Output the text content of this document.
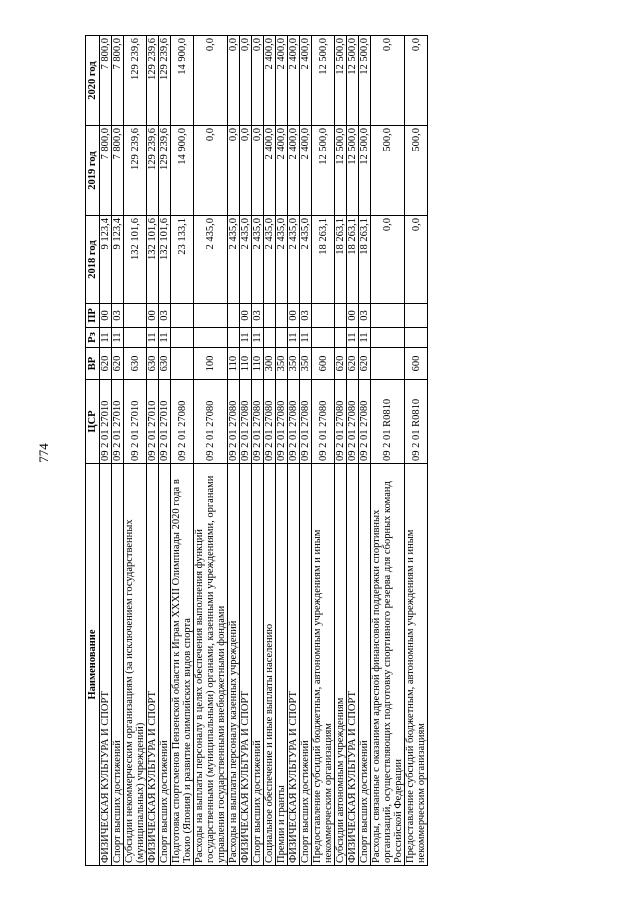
774
Наименование	ЦСР	ВР	Рз	ПР	2018 год	2019 год	2020 год
ФИЗИЧЕСКАЯ КУЛЬТУРА И СПОРТ	09 2 01 27010	620	11	00	9 123,4	7 800,0	7 800,0
Спорт высших достижений	09 2 01 27010	620	11	03	9 123,4	7 800,0	7 800,0
Субсидии некоммерческим организациям (за исключением государственных (муниципальных) учреждений)	09 2 01 27010	630			132 101,6	129 239,6	129 239,6
ФИЗИЧЕСКАЯ КУЛЬТУРА И СПОРТ	09 2 01 27010	630	11	00	132 101,6	129 239,6	129 239,6
Спорт высших достижений	09 2 01 27010	630	11	03	132 101,6	129 239,6	129 239,6
Подготовка спортсменов Пензенской области к Играм XXXII Олимпиады 2020 года в Токио (Япония) и развитие олимпийских видов спорта	09 2 01 27080				23 133,1	14 900,0	14 900,0
Расходы на выплаты персоналу в целях обеспечения выполнения функций государственными (муниципальными) органами, казенными учреждениями, органами управления государственными внебюджетными фондами	09 2 01 27080	100			2 435,0	0,0	0,0
Расходы на выплаты персоналу казенных учреждений	09 2 01 27080	110			2 435,0	0,0	0,0
ФИЗИЧЕСКАЯ КУЛЬТУРА И СПОРТ	09 2 01 27080	110	11	00	2 435,0	0,0	0,0
Спорт высших достижений	09 2 01 27080	110	11	03	2 435,0	0,0	0,0
Социальное обеспечение и иные выплаты населению	09 2 01 27080	300			2 435,0	2 400,0	2 400,0
Премии и гранты	09 2 01 27080	350			2 435,0	2 400,0	2 400,0
ФИЗИЧЕСКАЯ КУЛЬТУРА И СПОРТ	09 2 01 27080	350	11	00	2 435,0	2 400,0	2 400,0
Спорт высших достижений	09 2 01 27080	350	11	03	2 435,0	2 400,0	2 400,0
Предоставление субсидий бюджетным, автономным учреждениям и иным некоммерческим организациям	09 2 01 27080	600			18 263,1	12 500,0	12 500,0
Субсидии автономным учреждениям	09 2 01 27080	620			18 263,1	12 500,0	12 500,0
ФИЗИЧЕСКАЯ КУЛЬТУРА И СПОРТ	09 2 01 27080	620	11	00	18 263,1	12 500,0	12 500,0
Спорт высших достижений	09 2 01 27080	620	11	03	18 263,1	12 500,0	12 500,0
Расходы, связанные с оказанием адресной финансовой поддержки спортивных организаций, осуществляющих подготовку спортивного резерва для сборных команд Российской Федерации	09 2 01 R0810				0,0	500,0	0,0
Предоставление субсидий бюджетным, автономным учреждениям и иным некоммерческим организациям	09 2 01 R0810	600			0,0	500,0	0,0
